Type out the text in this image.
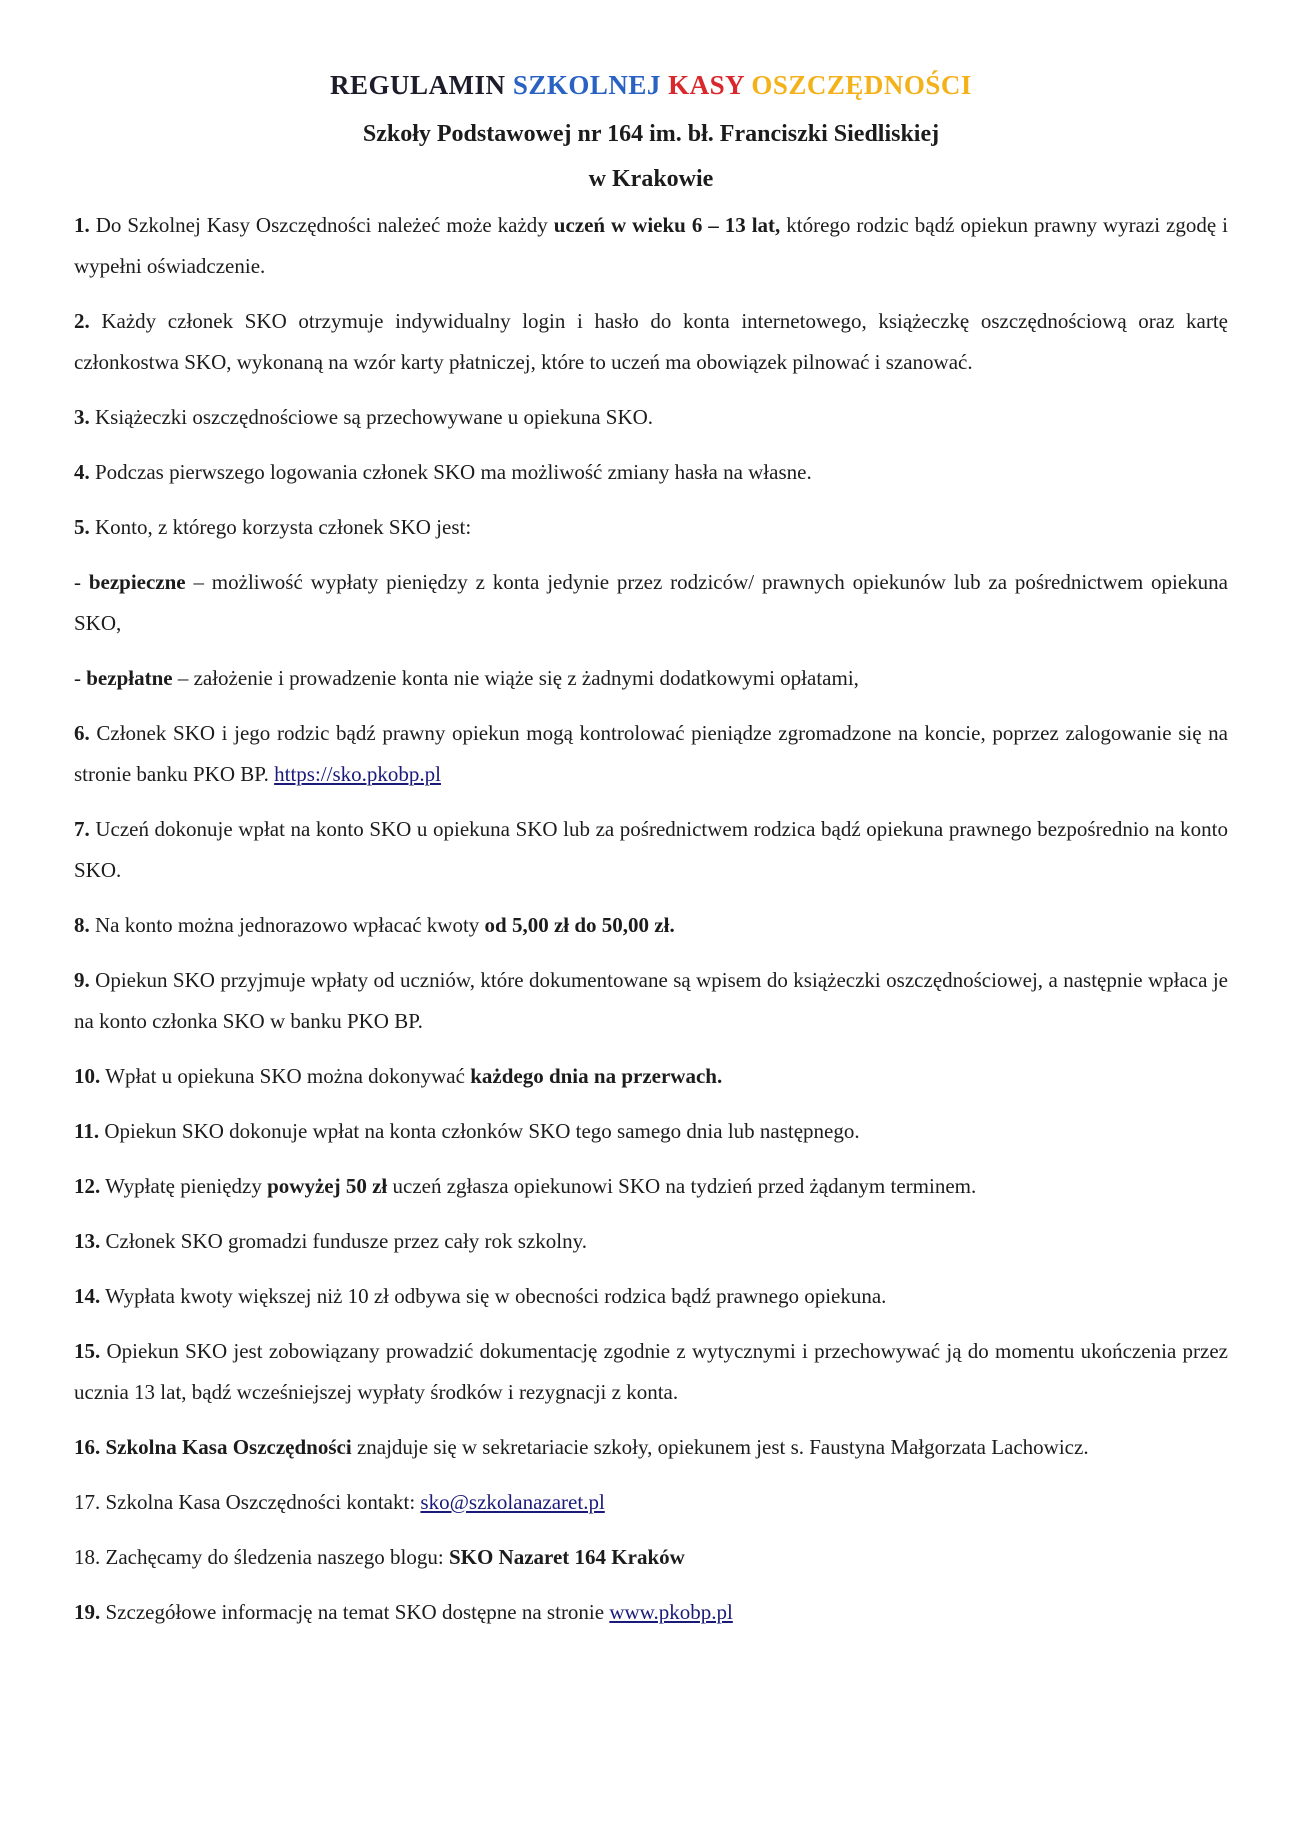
REGULAMIN SZKOLNEJ KASY OSZCZĘDNOŚCI
Szkoły Podstawowej nr 164 im. bł. Franciszki Siedliskiej
w Krakowie

1. Do Szkolnej Kasy Oszczędności należeć może każdy uczeń w wieku 6 – 13 lat, którego rodzic bądź opiekun prawny wyrazi zgodę i wypełni oświadczenie.

2. Każdy członek SKO otrzymuje indywidualny login i hasło do konta internetowego, książeczkę oszczędnościową oraz kartę członkostwa SKO, wykonaną na wzór karty płatniczej, które to uczeń ma obowiązek pilnować i szanować.

3. Książeczki oszczędnościowe są przechowywane u opiekuna SKO.

4. Podczas pierwszego logowania członek SKO ma możliwość zmiany hasła na własne.

5. Konto, z którego korzysta członek SKO jest:

- bezpieczne – możliwość wypłaty pieniędzy z konta jedynie przez rodziców/ prawnych opiekunów lub za pośrednictwem opiekuna SKO,

- bezpłatne – założenie i prowadzenie konta nie wiąże się z żadnymi dodatkowymi opłatami,

6. Członek SKO i jego rodzic bądź prawny opiekun mogą kontrolować pieniądze zgromadzone na koncie, poprzez zalogowanie się na stronie banku PKO BP. https://sko.pkobp.pl

7. Uczeń dokonuje wpłat na konto SKO u opiekuna SKO lub za pośrednictwem rodzica bądź opiekuna prawnego bezpośrednio na konto SKO.

8. Na konto można jednorazowo wpłacać kwoty od 5,00 zł do 50,00 zł.

9. Opiekun SKO przyjmuje wpłaty od uczniów, które dokumentowane są wpisem do książeczki oszczędnościowej, a następnie wpłaca je na konto członka SKO w banku PKO BP.

10. Wpłat u opiekuna SKO można dokonywać każdego dnia na przerwach.

11. Opiekun SKO dokonuje wpłat na konta członków SKO tego samego dnia lub następnego.

12. Wypłatę pieniędzy powyżej 50 zł uczeń zgłasza opiekunowi SKO na tydzień przed żądanym terminem.

13. Członek SKO gromadzi fundusze przez cały rok szkolny.

14. Wypłata kwoty większej niż 10 zł odbywa się w obecności rodzica bądź prawnego opiekuna.

15. Opiekun SKO jest zobowiązany prowadzić dokumentację zgodnie z wytycznymi i przechowywać ją do momentu ukończenia przez ucznia 13 lat, bądź wcześniejszej wypłaty środków i rezygnacji z konta.

16. Szkolna Kasa Oszczędności znajduje się w sekretariacie szkoły, opiekunem jest s. Faustyna Małgorzata Lachowicz.

17. Szkolna Kasa Oszczędności kontakt: sko@szkolanazaret.pl

18. Zachęcamy do śledzenia naszego blogu: SKO Nazaret 164 Kraków

19. Szczegółowe informację na temat SKO dostępne na stronie www.pkobp.pl
